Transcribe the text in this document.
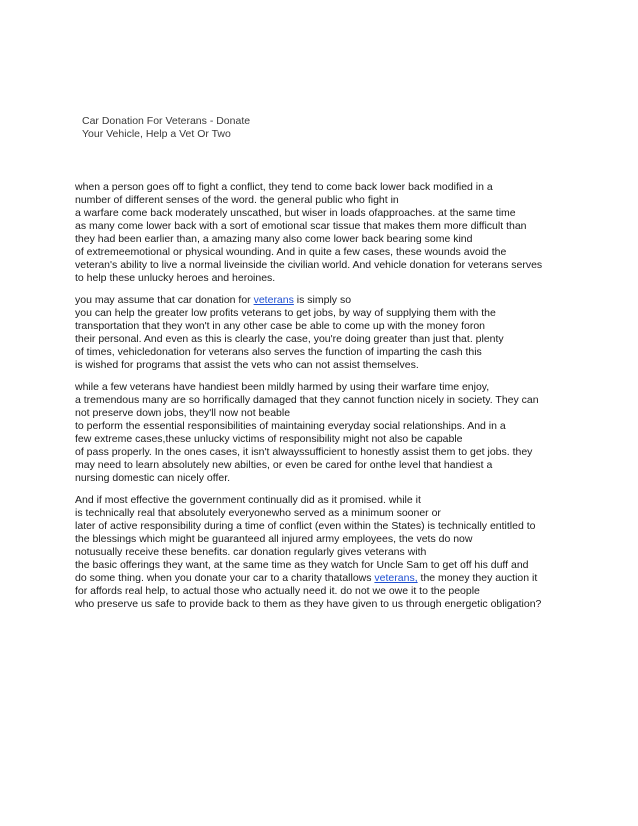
Car Donation For Veterans - Donate
Your Vehicle, Help a Vet Or Two

when a person goes off to fight a conflict, they tend to come back lower back modified in a
number of different senses of the word. the general public who fight in
a warfare come back moderately unscathed, but wiser in loads ofapproaches. at the same time
as many come lower back with a sort of emotional scar tissue that makes them more difficult than
they had been earlier than, a amazing many also come lower back bearing some kind
of extremeemotional or physical wounding. And in quite a few cases, these wounds avoid the
veteran's ability to live a normal liveinside the civilian world. And vehicle donation for veterans serves
to help these unlucky heroes and heroines.

you may assume that car donation for veterans is simply so
you can help the greater low profits veterans to get jobs, by way of supplying them with the
transportation that they won't in any other case be able to come up with the money foron
their personal. And even as this is clearly the case, you're doing greater than just that. plenty
of times, vehicledonation for veterans also serves the function of imparting the cash this
is wished for programs that assist the vets who can not assist themselves.

while a few veterans have handiest been mildly harmed by using their warfare time enjoy,
a tremendous many are so horrifically damaged that they cannot function nicely in society. They can
not preserve down jobs, they'll now not beable
to perform the essential responsibilities of maintaining everyday social relationships. And in a
few extreme cases,these unlucky victims of responsibility might not also be capable
of pass properly. In the ones cases, it isn't alwayssufficient to honestly assist them to get jobs. they
may need to learn absolutely new abilties, or even be cared for onthe level that handiest a
nursing domestic can nicely offer.

And if most effective the government continually did as it promised. while it
is technically real that absolutely everyonewho served as a minimum sooner or
later of active responsibility during a time of conflict (even within the States) is technically entitled to
the blessings which might be guaranteed all injured army employees, the vets do now
notusually receive these benefits. car donation regularly gives veterans with
the basic offerings they want, at the same time as they watch for Uncle Sam to get off his duff and
do some thing. when you donate your car to a charity thatallows veterans, the money they auction it
for affords real help, to actual those who actually need it. do not we owe it to the people
who preserve us safe to provide back to them as they have given to us through energetic obligation?
